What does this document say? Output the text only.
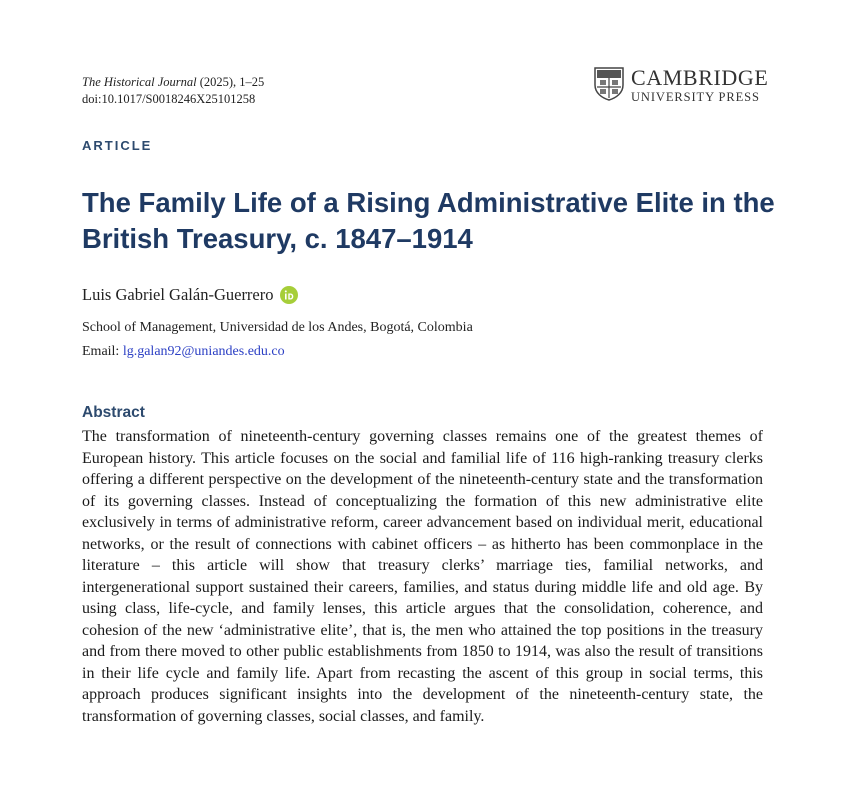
The Historical Journal (2025), 1–25
doi:10.1017/S0018246X25101258
CAMBRIDGE
UNIVERSITY PRESS
ARTICLE
The Family Life of a Rising Administrative Elite in the British Treasury, c. 1847–1914
Luis Gabriel Galán-Guerrero
School of Management, Universidad de los Andes, Bogotá, Colombia
Email: lg.galan92@uniandes.edu.co
Abstract

The transformation of nineteenth-century governing classes remains one of the greatest themes of European history. This article focuses on the social and familial life of 116 high-ranking treasury clerks offering a different perspective on the development of the nineteenth-century state and the transformation of its governing classes. Instead of conceptualizing the formation of this new administrative elite exclusively in terms of administrative reform, career advancement based on individual merit, educational networks, or the result of connections with cabinet officers – as hitherto has been commonplace in the literature – this article will show that treasury clerks’ marriage ties, familial networks, and intergenerational support sustained their careers, families, and status during middle life and old age. By using class, life-cycle, and family lenses, this article argues that the consolidation, coherence, and cohesion of the new ‘administrative elite’, that is, the men who attained the top positions in the treasury and from there moved to other public establishments from 1850 to 1914, was also the result of transitions in their life cycle and family life. Apart from recasting the ascent of this group in social terms, this approach produces significant insights into the development of the nineteenth-century state, the transformation of governing classes, social classes, and family.
